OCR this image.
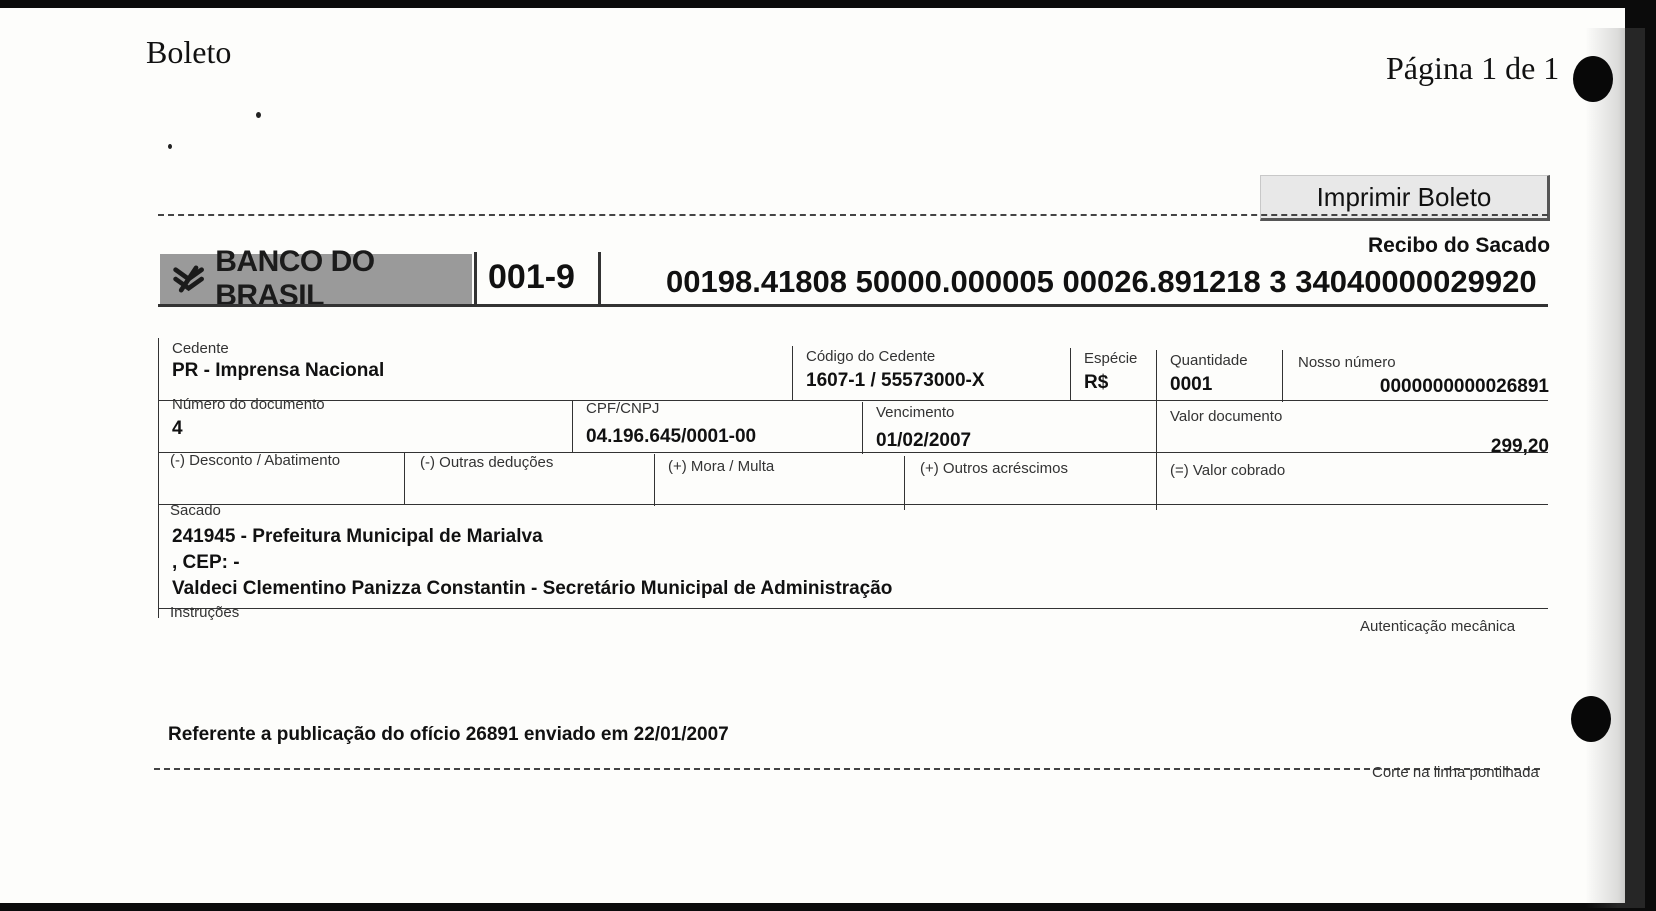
Boleto	Página 1 de 1
Imprimir Boleto
Recibo do Sacado
BANCO DO BRASIL	001-9	00198.41808 50000.000005 00026.891218 3 34040000029920
Cedente
PR - Imprensa Nacional
Código do Cedente
1607-1 / 55573000-X
Espécie
R$
Quantidade
0001
Nosso número
0000000000026891
Número do documento
4
CPF/CNPJ
04.196.645/0001-00
Vencimento
01/02/2007
Valor documento
299,20
(-) Desconto / Abatimento	(-) Outras deduções	(+) Mora / Multa	(+) Outros acréscimos	(=) Valor cobrado
Sacado
241945 - Prefeitura Municipal de Marialva
, CEP: -
Valdeci Clementino Panizza Constantin - Secretário Municipal de Administração
Instruções
Autenticação mecânica
Referente a publicação do ofício 26891 enviado em 22/01/2007
Corte na linha pontilhada
